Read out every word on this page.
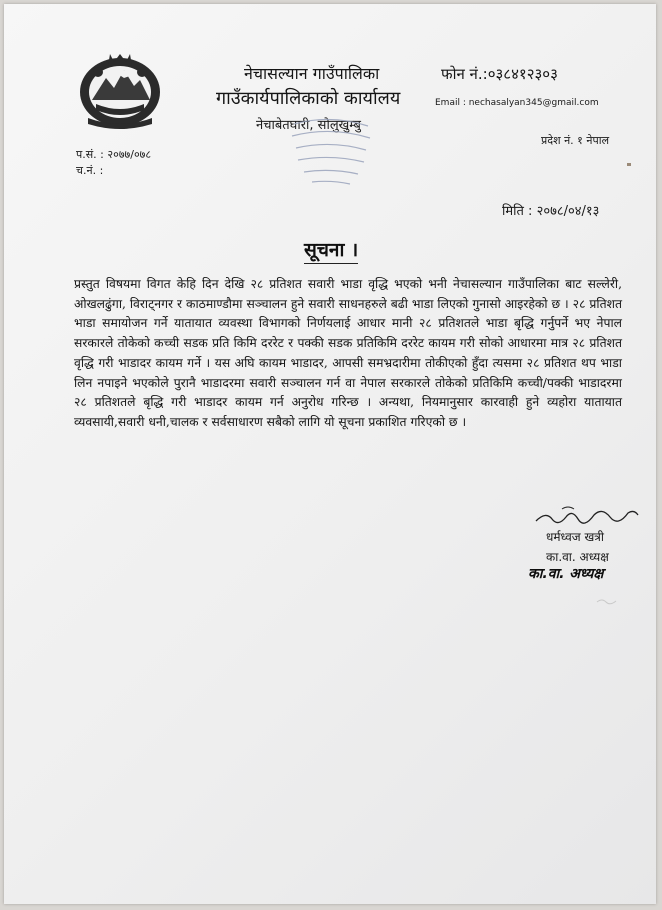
नेचासल्यान गाउँपालिका
गाउँकार्यपालिकाको कार्यालय
नेचाबेतघारी, सोलुखुम्बु
फोन नं.:०३८४१२३०३
Email : nechasalyan345@gmail.com
प्रदेश नं. १ नेपाल
प.सं. : २०७७/०७८
च.नं. :
मिति : २०७८/०४/१३
सूचना ।
प्रस्तुत विषयमा विगत केहि दिन देखि २८ प्रतिशत सवारी भाडा वृद्धि भएको भनी नेचासल्यान गाउँपालिका बाट सल्लेरी, ओखलढुंगा, विराट्नगर र काठमाण्डौमा सञ्चालन हुने सवारी साधनहरुले बढी भाडा लिएको गुनासो आइरहेको छ । २८ प्रतिशत भाडा समायोजन गर्ने यातायात व्यवस्था विभागको निर्णयलाई आधार मानी २८ प्रतिशतले भाडा बृद्धि गर्नुपर्ने भए नेपाल सरकारले तोकेको कच्ची सडक प्रति किमि दररेट र पक्की सडक प्रतिकिमि दररेट कायम गरी सोको आधारमा मात्र २८ प्रतिशत वृद्धि गरी भाडादर कायम गर्ने । यस अघि कायम भाडादर, आपसी समभ्रदारीमा तोकीएको हुँदा त्यसमा २८ प्रतिशत थप भाडा लिन नपाइने भएकोले पुरानै भाडादरमा सवारी सञ्चालन गर्न वा नेपाल सरकारले तोकेको प्रतिकिमि कच्ची/पक्की भाडादरमा २८ प्रतिशतले बृद्धि गरी भाडादर कायम गर्न अनुरोध गरिन्छ । अन्यथा, नियमानुसार कारवाही हुने व्यहोरा यातायात व्यवसायी,सवारी धनी,चालक र सर्वसाधारण सबैको लागि यो सूचना प्रकाशित गरिएको छ ।
धर्मध्वज खत्री
का.वा. अध्यक्ष
का.वा. अध्यक्ष
